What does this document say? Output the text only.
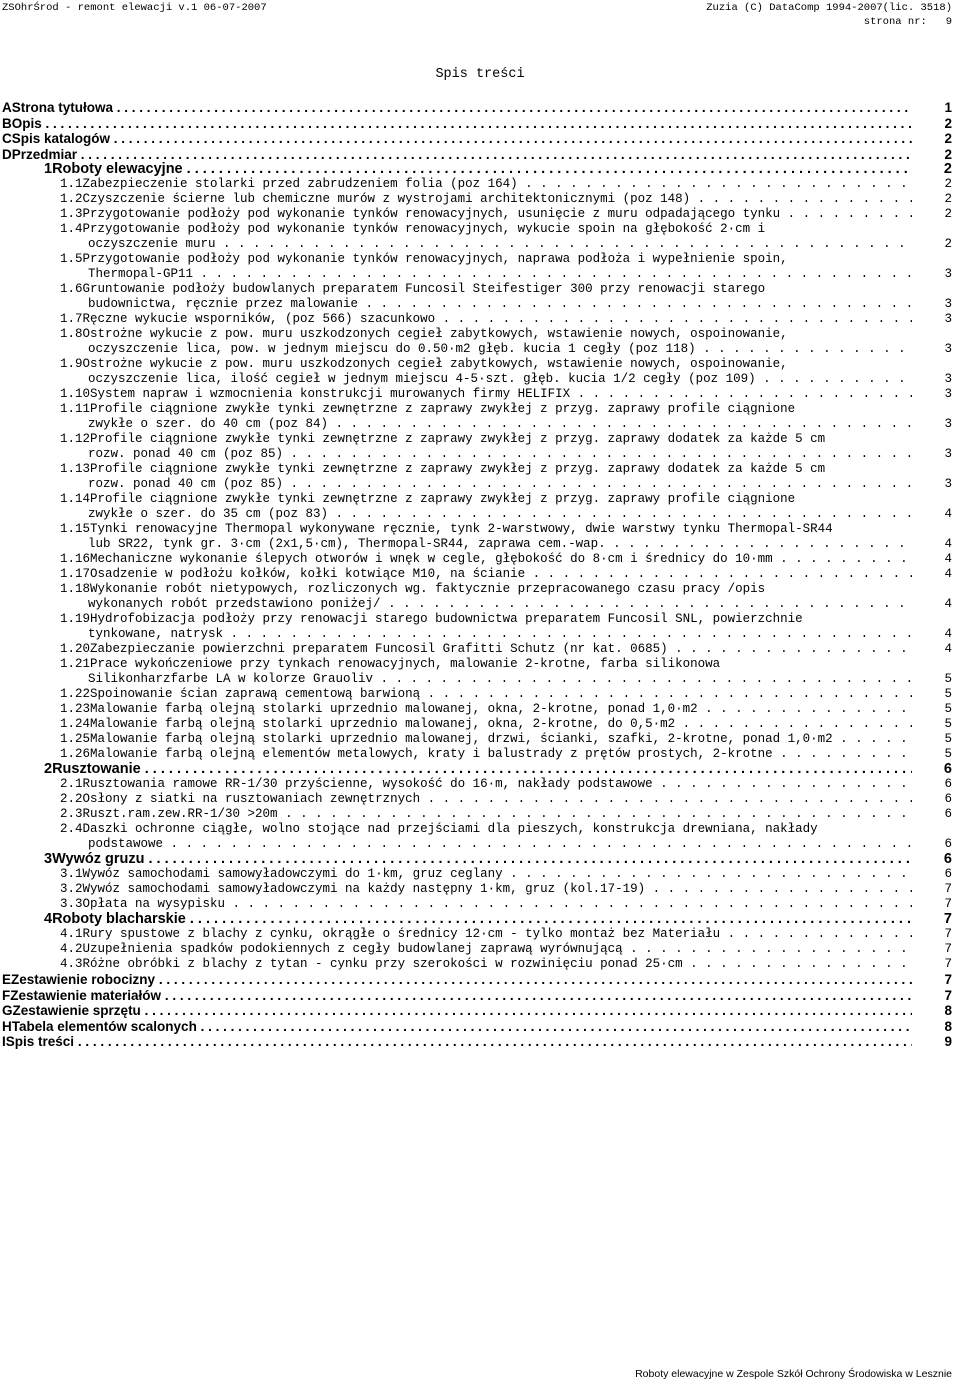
ZSOhrŚrod - remont elewacji v.1 06-07-2007	Zuzia (C) DataComp 1994-2007(lic. 3518)
strona nr:   9
Spis treści
AStrona tytułowa . . .	1
BOpis . . .	2
CSpis katalogów . . .	2
DPrzedmiar . . .	2
1Roboty elewacyjne . . .	2
1.1Zabezpieczenie stolarki przed zabrudzeniem folia (poz 164) . . .	2
1.2Czyszczenie ścierne lub chemiczne murów z wystrojami architektonicznymi (poz 148) . . .	2
1.3Przygotowanie podłoży pod wykonanie tynków renowacyjnych, usunięcie z muru odpadającego tynku . . .	2
1.4Przygotowanie podłoży pod wykonanie tynków renowacyjnych, wykucie spoin na głębokość 2·cm i
oczyszczenie muru . . .	2
1.5Przygotowanie podłoży pod wykonanie tynków renowacyjnych, naprawa podłoża i wypełnienie spoin,
Thermopal-GP11 . . .	3
1.6Gruntowanie podłoży budowlanych preparatem Funcosil Steifestiger 300 przy renowacji starego
budownictwa, ręcznie przez malowanie . . .	3
1.7Ręczne wykucie wsporników, (poz 566) szacunkowo . . .	3
1.8Ostrożne wykucie z pow. muru uszkodzonych cegieł zabytkowych, wstawienie nowych, ospoinowanie,
oczyszczenie lica, pow. w jednym miejscu do 0.50·m2 głęb. kucia 1 cegły (poz 118) . . .	3
1.9Ostrożne wykucie z pow. muru uszkodzonych cegieł zabytkowych, wstawienie nowych, ospoinowanie,
oczyszczenie lica, ilość cegieł w jednym miejscu 4-5·szt. głęb. kucia 1/2 cegły (poz 109) . . .	3
1.10System napraw i wzmocnienia konstrukcji murowanych firmy HELIFIX . . .	3
1.11Profile ciągnione zwykłe tynki zewnętrzne z zaprawy zwykłej z przyg. zaprawy profile ciągnione
zwykłe o szer. do 40 cm (poz 84) . . .	3
1.12Profile ciągnione zwykłe tynki zewnętrzne z zaprawy zwykłej z przyg. zaprawy dodatek za każde 5 cm
rozw. ponad 40 cm (poz 85) . . .	3
1.13Profile ciągnione zwykłe tynki zewnętrzne z zaprawy zwykłej z przyg. zaprawy dodatek za każde 5 cm
rozw. ponad 40 cm (poz 85) . . .	3
1.14Profile ciągnione zwykłe tynki zewnętrzne z zaprawy zwykłej z przyg. zaprawy profile ciągnione
zwykłe o szer. do 35 cm (poz 83) . . .	4
1.15Tynki renowacyjne Thermopal wykonywane ręcznie, tynk 2-warstwowy, dwie warstwy tynku Thermopal-SR44
lub SR22, tynk gr. 3·cm (2x1,5·cm), Thermopal-SR44, zaprawa cem.-wap. . . .	4
1.16Mechaniczne wykonanie ślepych otworów i wnęk w cegle, głębokość do 8·cm i średnicy do 10·mm . . .	4
1.17Osadzenie w podłożu kołków, kołki kotwiące M10, na ścianie . . .	4
1.18Wykonanie robót nietypowych, rozliczonych wg. faktycznie przepracowanego czasu pracy /opis
wykonanych robót przedstawiono poniżej/ . . .	4
1.19Hydrofobizacja podłoży przy renowacji starego budownictwa preparatem Funcosil SNL, powierzchnie
tynkowane, natrysk . . .	4
1.20Zabezpieczanie powierzchni preparatem Funcosil Grafitti Schutz (nr kat. 0685) . . .	4
1.21Prace wykończeniowe przy tynkach renowacyjnych, malowanie 2-krotne, farba silikonowa
Silikonharzfarbe LA w kolorze Grauoliv . . .	5
1.22Spoinowanie ścian zaprawą cementową barwioną . . .	5
1.23Malowanie farbą olejną stolarki uprzednio malowanej, okna, 2-krotne, ponad 1,0·m2 . . .	5
1.24Malowanie farbą olejną stolarki uprzednio malowanej, okna, 2-krotne, do 0,5·m2 . . .	5
1.25Malowanie farbą olejną stolarki uprzednio malowanej, drzwi, ścianki, szafki, 2-krotne, ponad 1,0·m2 . . .	5
1.26Malowanie farbą olejną elementów metalowych, kraty i balustrady z prętów prostych, 2-krotne . . .	5
2Rusztowanie . . .	6
2.1Rusztowania ramowe RR-1/30 przyścienne, wysokość do 16·m, nakłady podstawowe . . .	6
2.2Osłony z siatki na rusztowaniach zewnętrznych . . .	6
2.3Ruszt.ram.zew.RR-1/30 >20m . . .	6
2.4Daszki ochronne ciągłe, wolno stojące nad przejściami dla pieszych, konstrukcja drewniana, nakłady
podstawowe . . .	6
3Wywóz gruzu . . .	6
3.1Wywóz samochodami samowyładowczymi do 1·km, gruz ceglany . . .	6
3.2Wywóz samochodami samowyładowczymi na każdy następny 1·km, gruz (kol.17-19) . . .	7
3.3Opłata na wysypisku . . .	7
4Roboty blacharskie . . .	7
4.1Rury spustowe z blachy z cynku, okrągłe o średnicy 12·cm - tylko montaż bez Materiału . . .	7
4.2Uzupełnienia spadków podokiennych z cegły budowlanej zaprawą wyrównującą . . .	7
4.3Różne obróbki z blachy z tytan - cynku przy szerokości w rozwinięciu ponad 25·cm . . .	7
EZestawienie robocizny . . .	7
FZestawienie materiałów . . .	7
GZestawienie sprzętu . . .	8
HTabela elementów scalonych . . .	8
ISpis treści . . .	9
Roboty elewacyjne w Zespole Szkół Ochrony Środowiska w Lesznie
